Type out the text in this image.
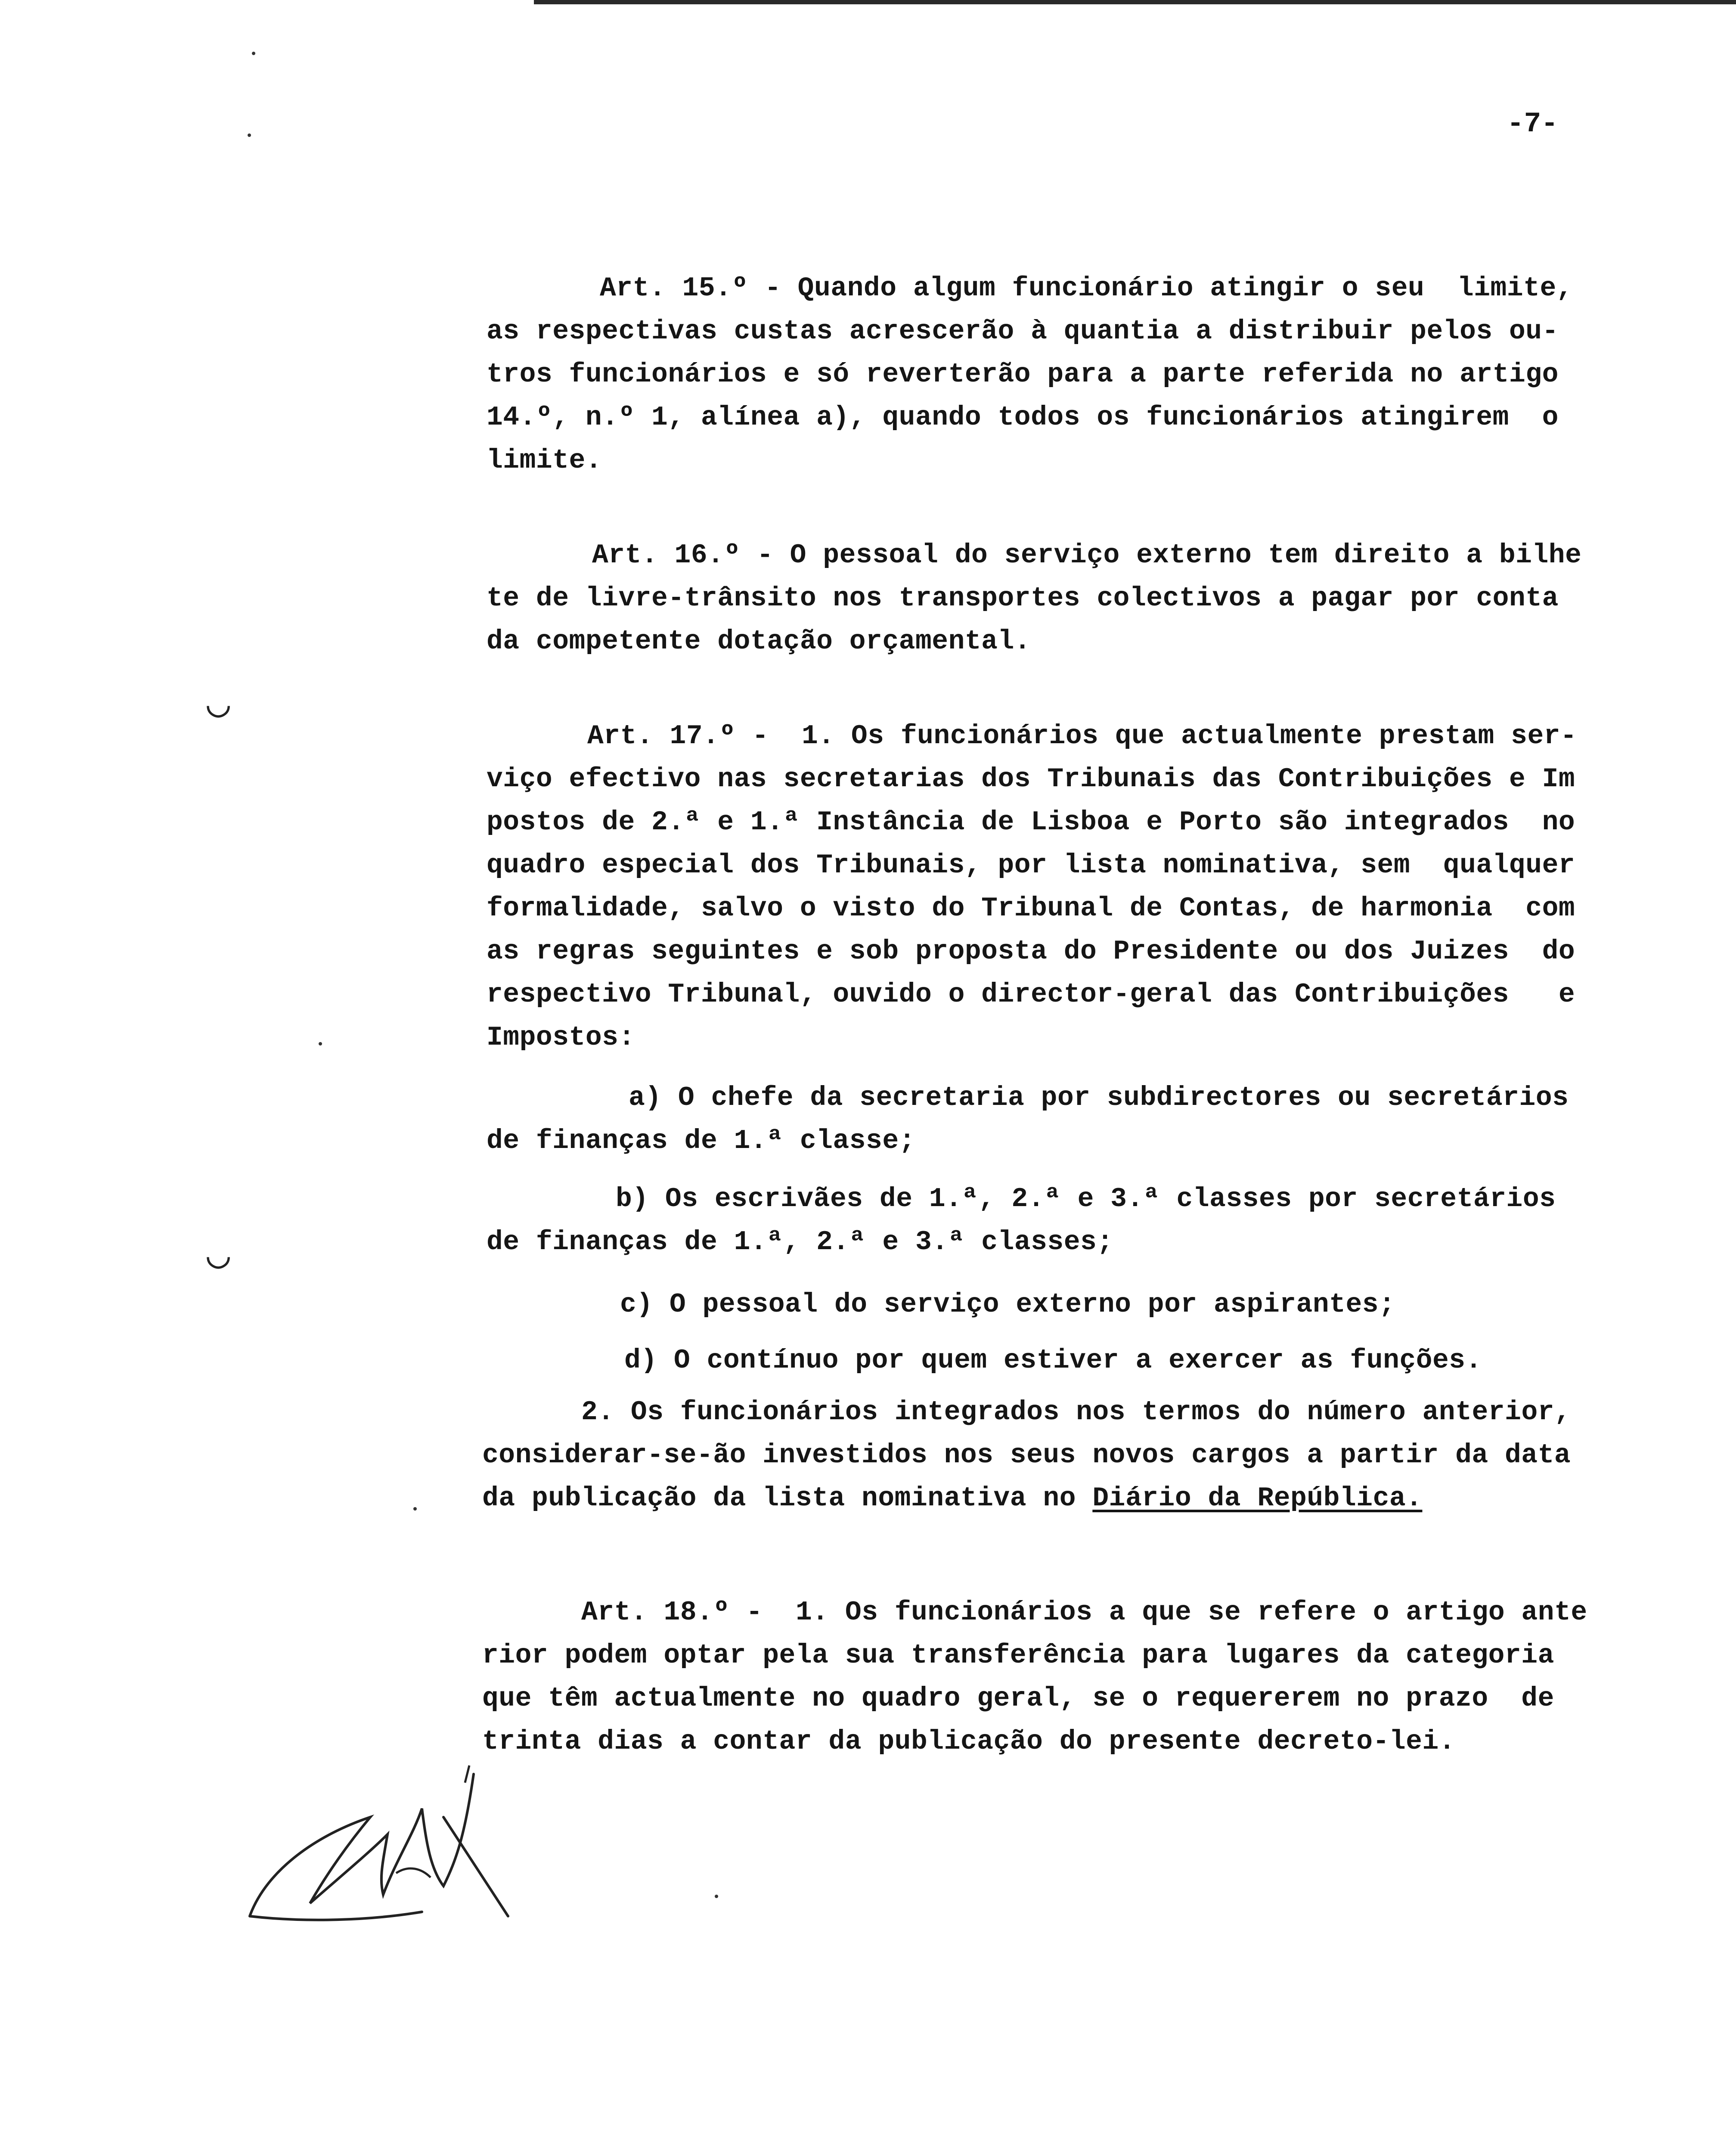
-7-
Art. 15.º - Quando algum funcionário atingir o seu  limite,
as respectivas custas acrescerão à quantia a distribuir pelos ou-
tros funcionários e só reverterão para a parte referida no artigo
14.º, n.º 1, alínea a), quando todos os funcionários atingirem  o
limite.
Art. 16.º - O pessoal do serviço externo tem direito a bilhe
te de livre-trânsito nos transportes colectivos a pagar por conta
da competente dotação orçamental.
Art. 17.º -  1. Os funcionários que actualmente prestam ser-
viço efectivo nas secretarias dos Tribunais das Contribuições e Im
postos de 2.ª e 1.ª Instância de Lisboa e Porto são integrados  no
quadro especial dos Tribunais, por lista nominativa, sem  qualquer
formalidade, salvo o visto do Tribunal de Contas, de harmonia  com
as regras seguintes e sob proposta do Presidente ou dos Juizes  do
respectivo Tribunal, ouvido o director-geral das Contribuições   e
Impostos:
a) O chefe da secretaria por subdirectores ou secretários
de finanças de 1.ª classe;
b) Os escrivães de 1.ª, 2.ª e 3.ª classes por secretários
de finanças de 1.ª, 2.ª e 3.ª classes;
c) O pessoal do serviço externo por aspirantes;
d) O contínuo por quem estiver a exercer as funções.
2. Os funcionários integrados nos termos do número anterior,
considerar-se-ão investidos nos seus novos cargos a partir da data
da publicação da lista nominativa no Diário da República.
Art. 18.º -  1. Os funcionários a que se refere o artigo ante
rior podem optar pela sua transferência para lugares da categoria
que têm actualmente no quadro geral, se o requererem no prazo  de
trinta dias a contar da publicação do presente decreto-lei.
◡
◡
